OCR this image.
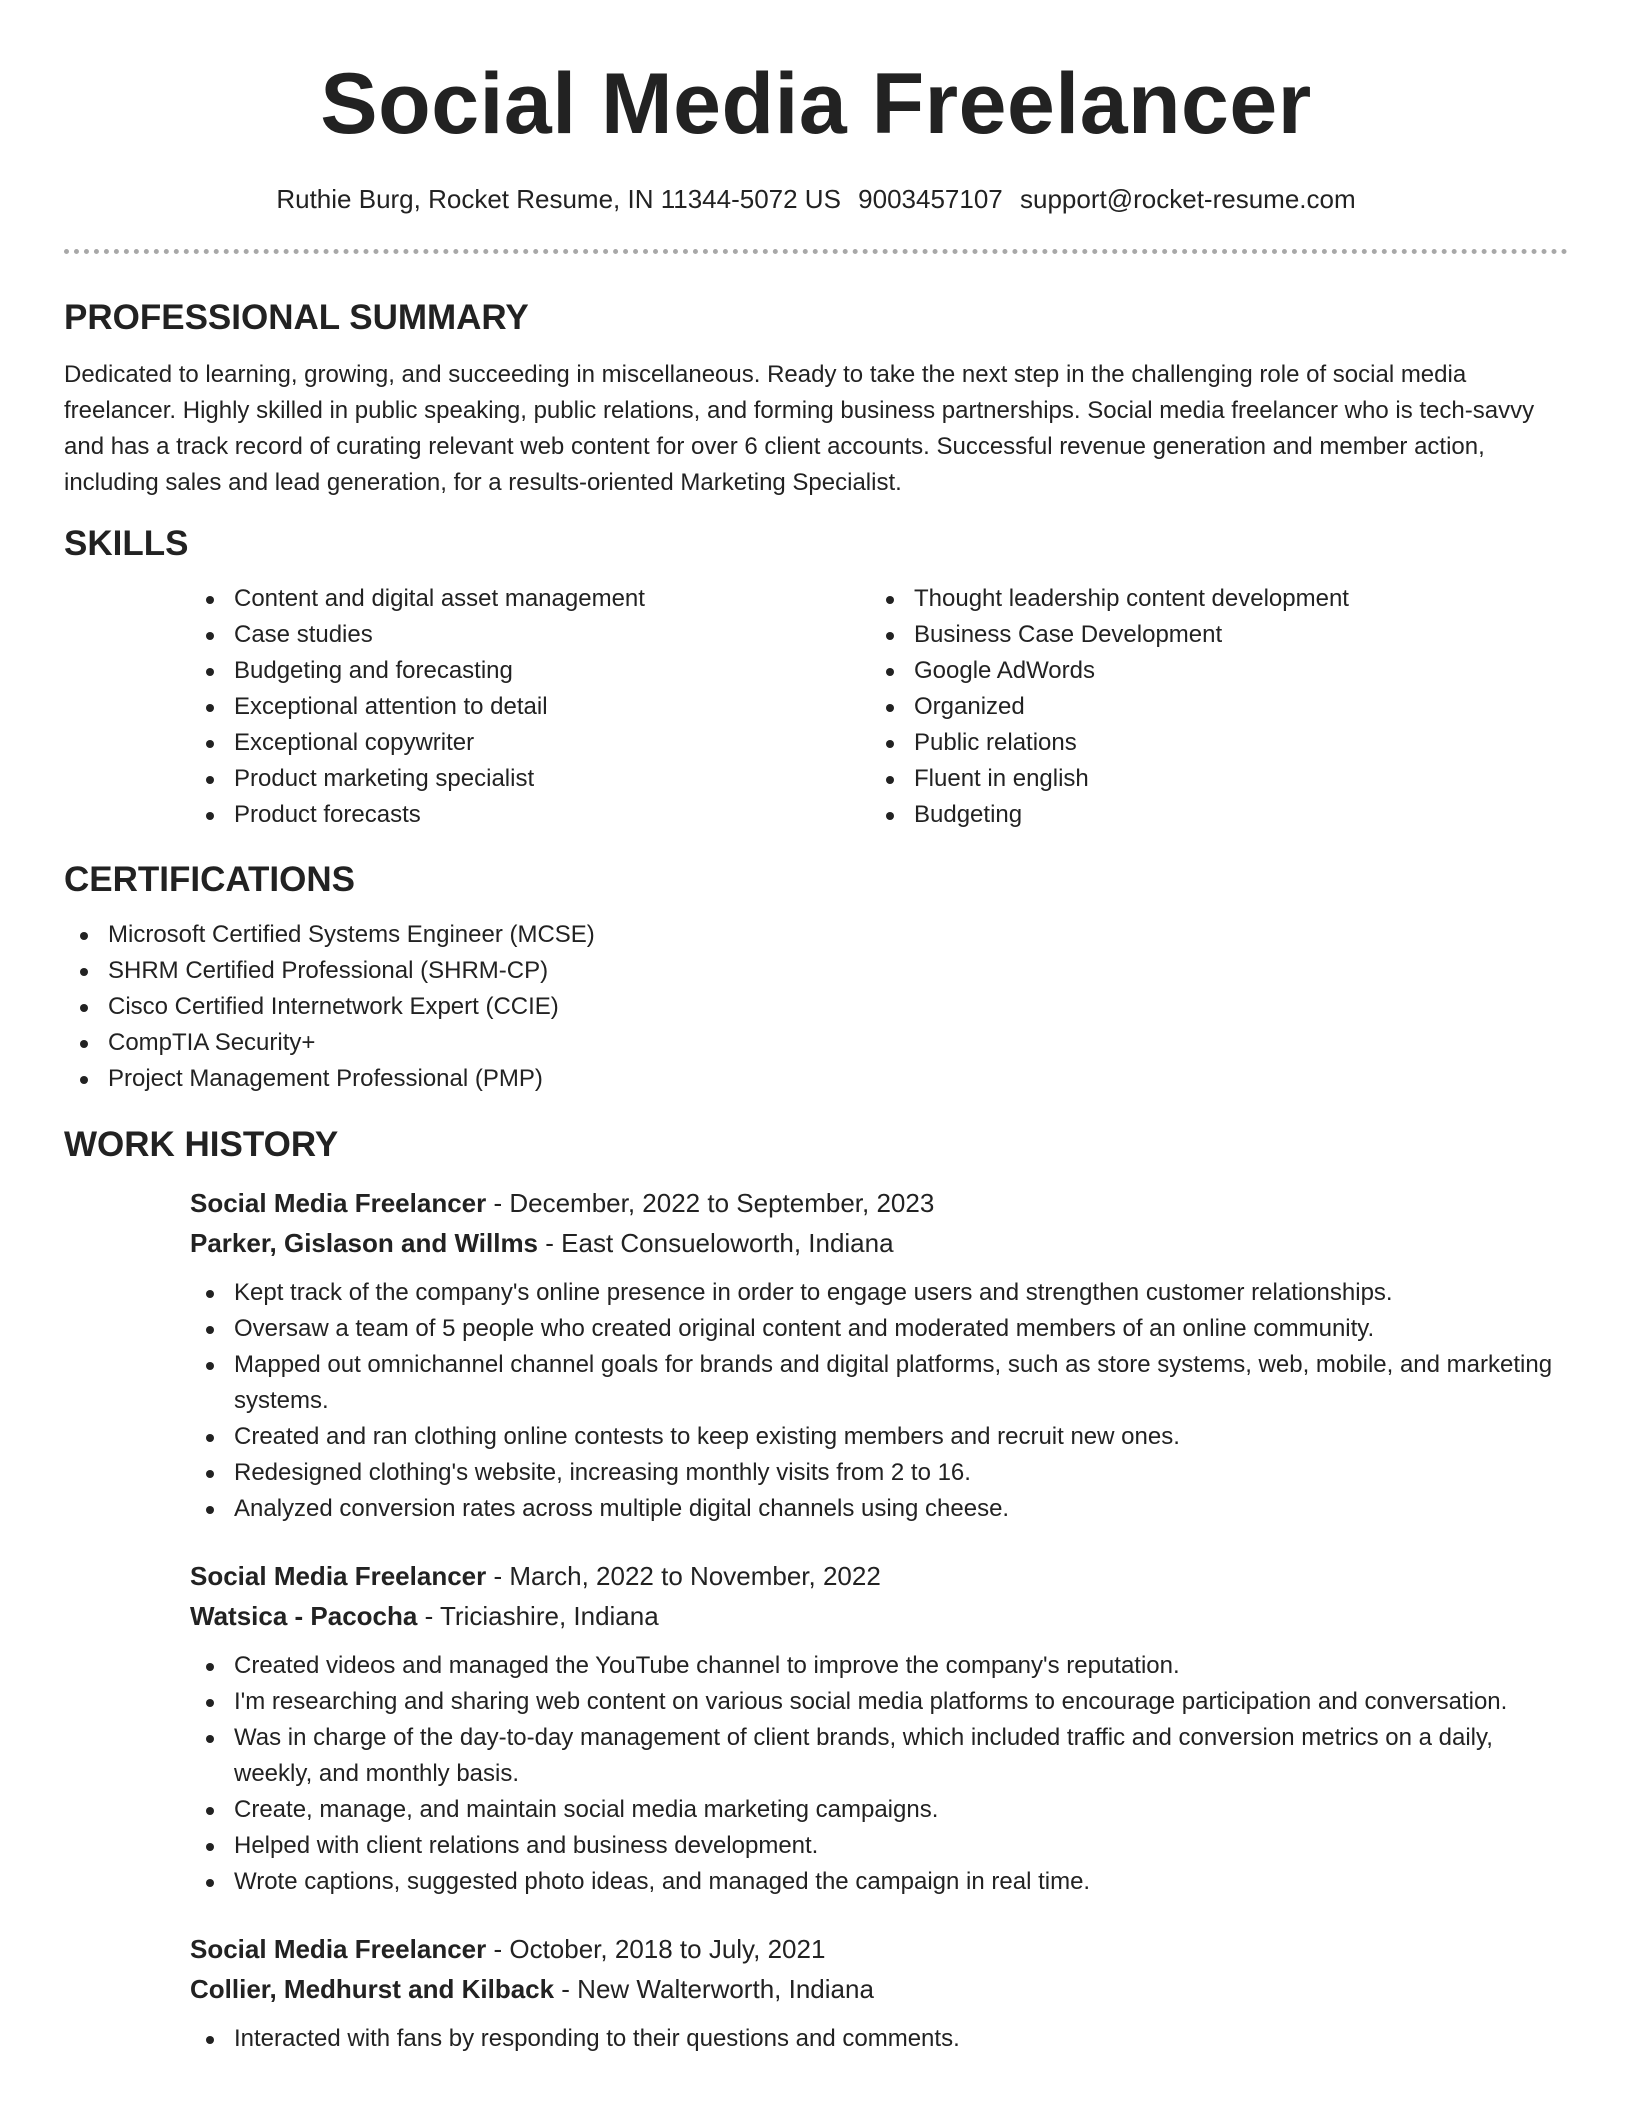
Social Media Freelancer
Ruthie Burg, Rocket Resume, IN 11344-5072 US 9003457107 support@rocket-resume.com
PROFESSIONAL SUMMARY

Dedicated to learning, growing, and succeeding in miscellaneous. Ready to take the next step in the challenging role of social media freelancer. Highly skilled in public speaking, public relations, and forming business partnerships. Social media freelancer who is tech-savvy and has a track record of curating relevant web content for over 6 client accounts. Successful revenue generation and member action, including sales and lead generation, for a results-oriented Marketing Specialist.

SKILLS
Content and digital asset management
Case studies
Budgeting and forecasting
Exceptional attention to detail
Exceptional copywriter
Product marketing specialist
Product forecasts
Thought leadership content development
Business Case Development
Google AdWords
Organized
Public relations
Fluent in english
Budgeting
CERTIFICATIONS
Microsoft Certified Systems Engineer (MCSE)
SHRM Certified Professional (SHRM-CP)
Cisco Certified Internetwork Expert (CCIE)
CompTIA Security+
Project Management Professional (PMP)
WORK HISTORY
Social Media Freelancer - December, 2022 to September, 2023
Parker, Gislason and Willms - East Consueloworth, Indiana
Kept track of the company's online presence in order to engage users and strengthen customer relationships.
Oversaw a team of 5 people who created original content and moderated members of an online community.
Mapped out omnichannel channel goals for brands and digital platforms, such as store systems, web, mobile, and marketing systems.
Created and ran clothing online contests to keep existing members and recruit new ones.
Redesigned clothing's website, increasing monthly visits from 2 to 16.
Analyzed conversion rates across multiple digital channels using cheese.
Social Media Freelancer - March, 2022 to November, 2022
Watsica - Pacocha - Triciashire, Indiana
Created videos and managed the YouTube channel to improve the company's reputation.
I'm researching and sharing web content on various social media platforms to encourage participation and conversation.
Was in charge of the day-to-day management of client brands, which included traffic and conversion metrics on a daily, weekly, and monthly basis.
Create, manage, and maintain social media marketing campaigns.
Helped with client relations and business development.
Wrote captions, suggested photo ideas, and managed the campaign in real time.
Social Media Freelancer - October, 2018 to July, 2021
Collier, Medhurst and Kilback - New Walterworth, Indiana
Interacted with fans by responding to their questions and comments.
